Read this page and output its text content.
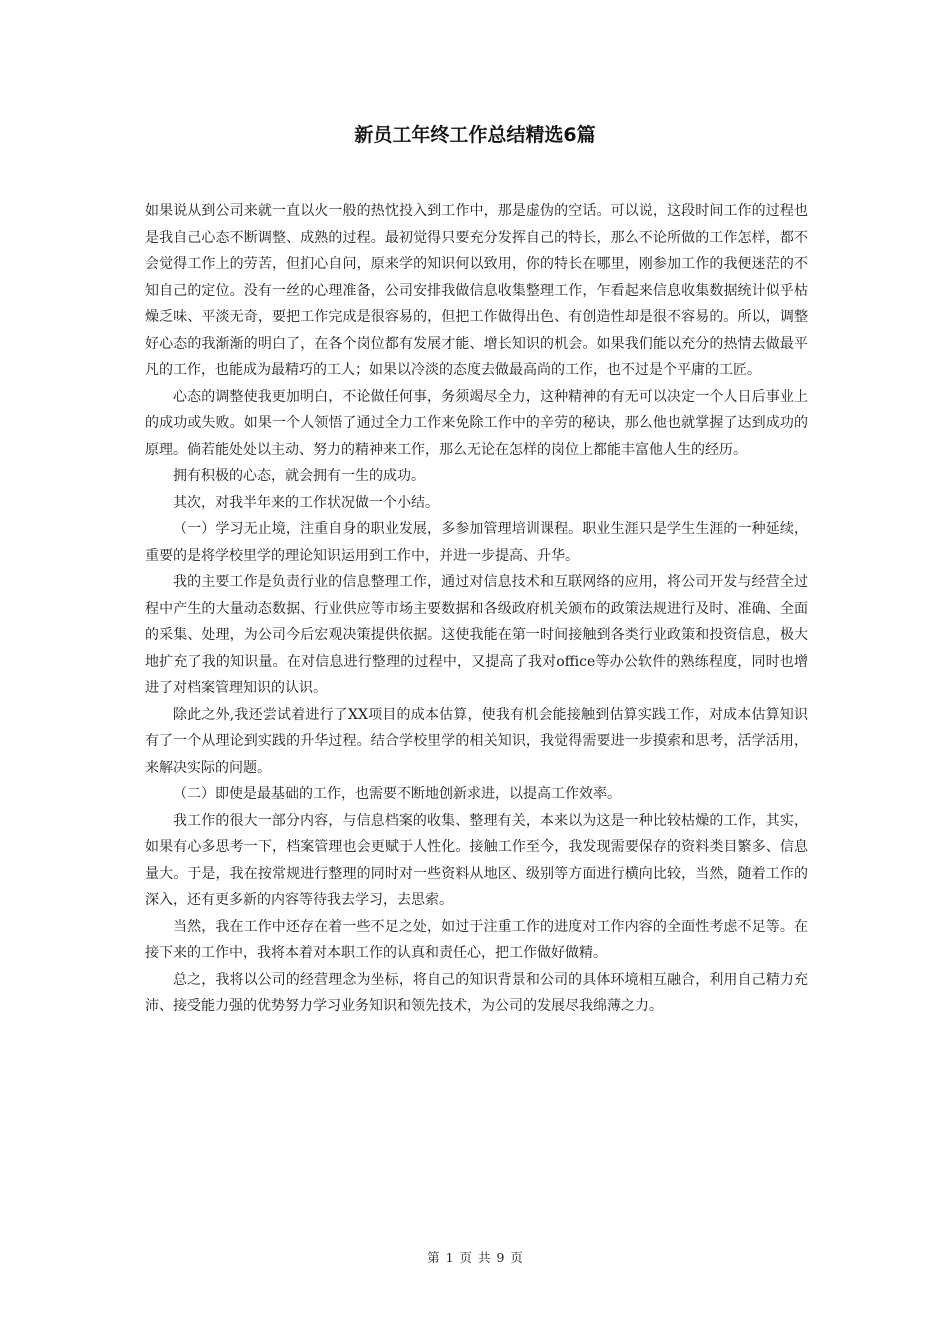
新员工年终工作总结精选6篇

如果说从到公司来就一直以火一般的热忱投入到工作中，那是虚伪的空话。可以说，这段时间工作的过程也是我自己心态不断调整、成熟的过程。最初觉得只要充分发挥自己的特长，那么不论所做的工作怎样，都不会觉得工作上的劳苦，但扪心自问，原来学的知识何以致用，你的特长在哪里，刚参加工作的我便迷茫的不知自己的定位。没有一丝的心理准备，公司安排我做信息收集整理工作，乍看起来信息收集数据统计似乎枯燥乏味、平淡无奇，要把工作完成是很容易的，但把工作做得出色、有创造性却是很不容易的。所以，调整好心态的我渐渐的明白了，在各个岗位都有发展才能、增长知识的机会。如果我们能以充分的热情去做最平凡的工作，也能成为最精巧的工人；如果以冷淡的态度去做最高尚的工作，也不过是个平庸的工匠。

心态的调整使我更加明白，不论做任何事，务须竭尽全力，这种精神的有无可以决定一个人日后事业上的成功或失败。如果一个人领悟了通过全力工作来免除工作中的辛劳的秘诀，那么他也就掌握了达到成功的原理。倘若能处处以主动、努力的精神来工作，那么无论在怎样的岗位上都能丰富他人生的经历。

拥有积极的心态，就会拥有一生的成功。

其次，对我半年来的工作状况做一个小结。

（一）学习无止境，注重自身的职业发展，多参加管理培训课程。职业生涯只是学生生涯的一种延续，重要的是将学校里学的理论知识运用到工作中，并进一步提高、升华。

我的主要工作是负责行业的信息整理工作，通过对信息技术和互联网络的应用，将公司开发与经营全过程中产生的大量动态数据、行业供应等市场主要数据和各级政府机关颁布的政策法规进行及时、准确、全面的采集、处理，为公司今后宏观决策提供依据。这使我能在第一时间接触到各类行业政策和投资信息，极大地扩充了我的知识量。在对信息进行整理的过程中，又提高了我对office等办公软件的熟练程度，同时也增进了对档案管理知识的认识。

除此之外,我还尝试着进行了XX项目的成本估算，使我有机会能接触到估算实践工作，对成本估算知识有了一个从理论到实践的升华过程。结合学校里学的相关知识，我觉得需要进一步摸索和思考，活学活用，来解决实际的问题。

（二）即使是最基础的工作，也需要不断地创新求进，以提高工作效率。

我工作的很大一部分内容，与信息档案的收集、整理有关，本来以为这是一种比较枯燥的工作，其实，如果有心多思考一下，档案管理也会更赋于人性化。接触工作至今，我发现需要保存的资料类目繁多、信息量大。于是，我在按常规进行整理的同时对一些资料从地区、级别等方面进行横向比较，当然，随着工作的深入，还有更多新的内容等待我去学习，去思索。

当然，我在工作中还存在着一些不足之处，如过于注重工作的进度对工作内容的全面性考虑不足等。在接下来的工作中，我将本着对本职工作的认真和责任心，把工作做好做精。

总之，我将以公司的经营理念为坐标，将自己的知识背景和公司的具体环境相互融合，利用自己精力充沛、接受能力强的优势努力学习业务知识和领先技术，为公司的发展尽我绵薄之力。

第 1 页 共 9 页
